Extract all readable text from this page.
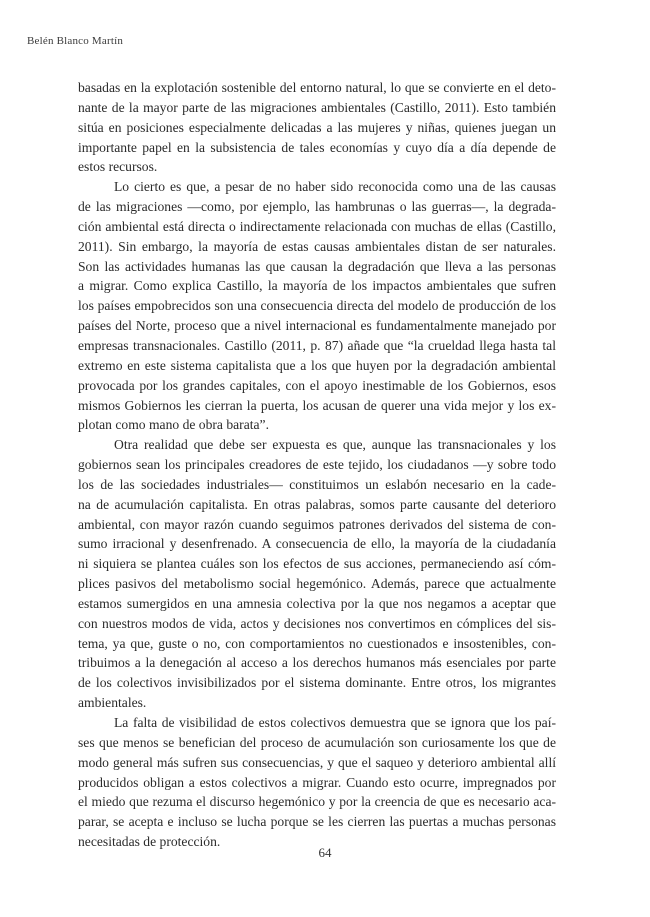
Belén Blanco Martín
basadas en la explotación sostenible del entorno natural, lo que se convierte en el deto-
nante de la mayor parte de las migraciones ambientales (Castillo, 2011). Esto también
sitúa en posiciones especialmente delicadas a las mujeres y niñas, quienes juegan un
importante papel en la subsistencia de tales economías y cuyo día a día depende de
estos recursos.
Lo cierto es que, a pesar de no haber sido reconocida como una de las causas
de las migraciones —como, por ejemplo, las hambrunas o las guerras—, la degrada-
ción ambiental está directa o indirectamente relacionada con muchas de ellas (Castillo,
2011). Sin embargo, la mayoría de estas causas ambientales distan de ser naturales.
Son las actividades humanas las que causan la degradación que lleva a las personas
a migrar. Como explica Castillo, la mayoría de los impactos ambientales que sufren
los países empobrecidos son una consecuencia directa del modelo de producción de los
países del Norte, proceso que a nivel internacional es fundamentalmente manejado por
empresas transnacionales. Castillo (2011, p. 87) añade que “la crueldad llega hasta tal
extremo en este sistema capitalista que a los que huyen por la degradación ambiental
provocada por los grandes capitales, con el apoyo inestimable de los Gobiernos, esos
mismos Gobiernos les cierran la puerta, los acusan de querer una vida mejor y los ex-
plotan como mano de obra barata”.
Otra realidad que debe ser expuesta es que, aunque las transnacionales y los
gobiernos sean los principales creadores de este tejido, los ciudadanos —y sobre todo
los de las sociedades industriales— constituimos un eslabón necesario en la cade-
na de acumulación capitalista. En otras palabras, somos parte causante del deterioro
ambiental, con mayor razón cuando seguimos patrones derivados del sistema de con-
sumo irracional y desenfrenado. A consecuencia de ello, la mayoría de la ciudadanía
ni siquiera se plantea cuáles son los efectos de sus acciones, permaneciendo así cóm-
plices pasivos del metabolismo social hegemónico. Además, parece que actualmente
estamos sumergidos en una amnesia colectiva por la que nos negamos a aceptar que
con nuestros modos de vida, actos y decisiones nos convertimos en cómplices del sis-
tema, ya que, guste o no, con comportamientos no cuestionados e insostenibles, con-
tribuimos a la denegación al acceso a los derechos humanos más esenciales por parte
de los colectivos invisibilizados por el sistema dominante. Entre otros, los migrantes
ambientales.
La falta de visibilidad de estos colectivos demuestra que se ignora que los paí-
ses que menos se benefician del proceso de acumulación son curiosamente los que de
modo general más sufren sus consecuencias, y que el saqueo y deterioro ambiental allí
producidos obligan a estos colectivos a migrar. Cuando esto ocurre, impregnados por
el miedo que rezuma el discurso hegemónico y por la creencia de que es necesario aca-
parar, se acepta e incluso se lucha porque se les cierren las puertas a muchas personas
necesitadas de protección.
64
